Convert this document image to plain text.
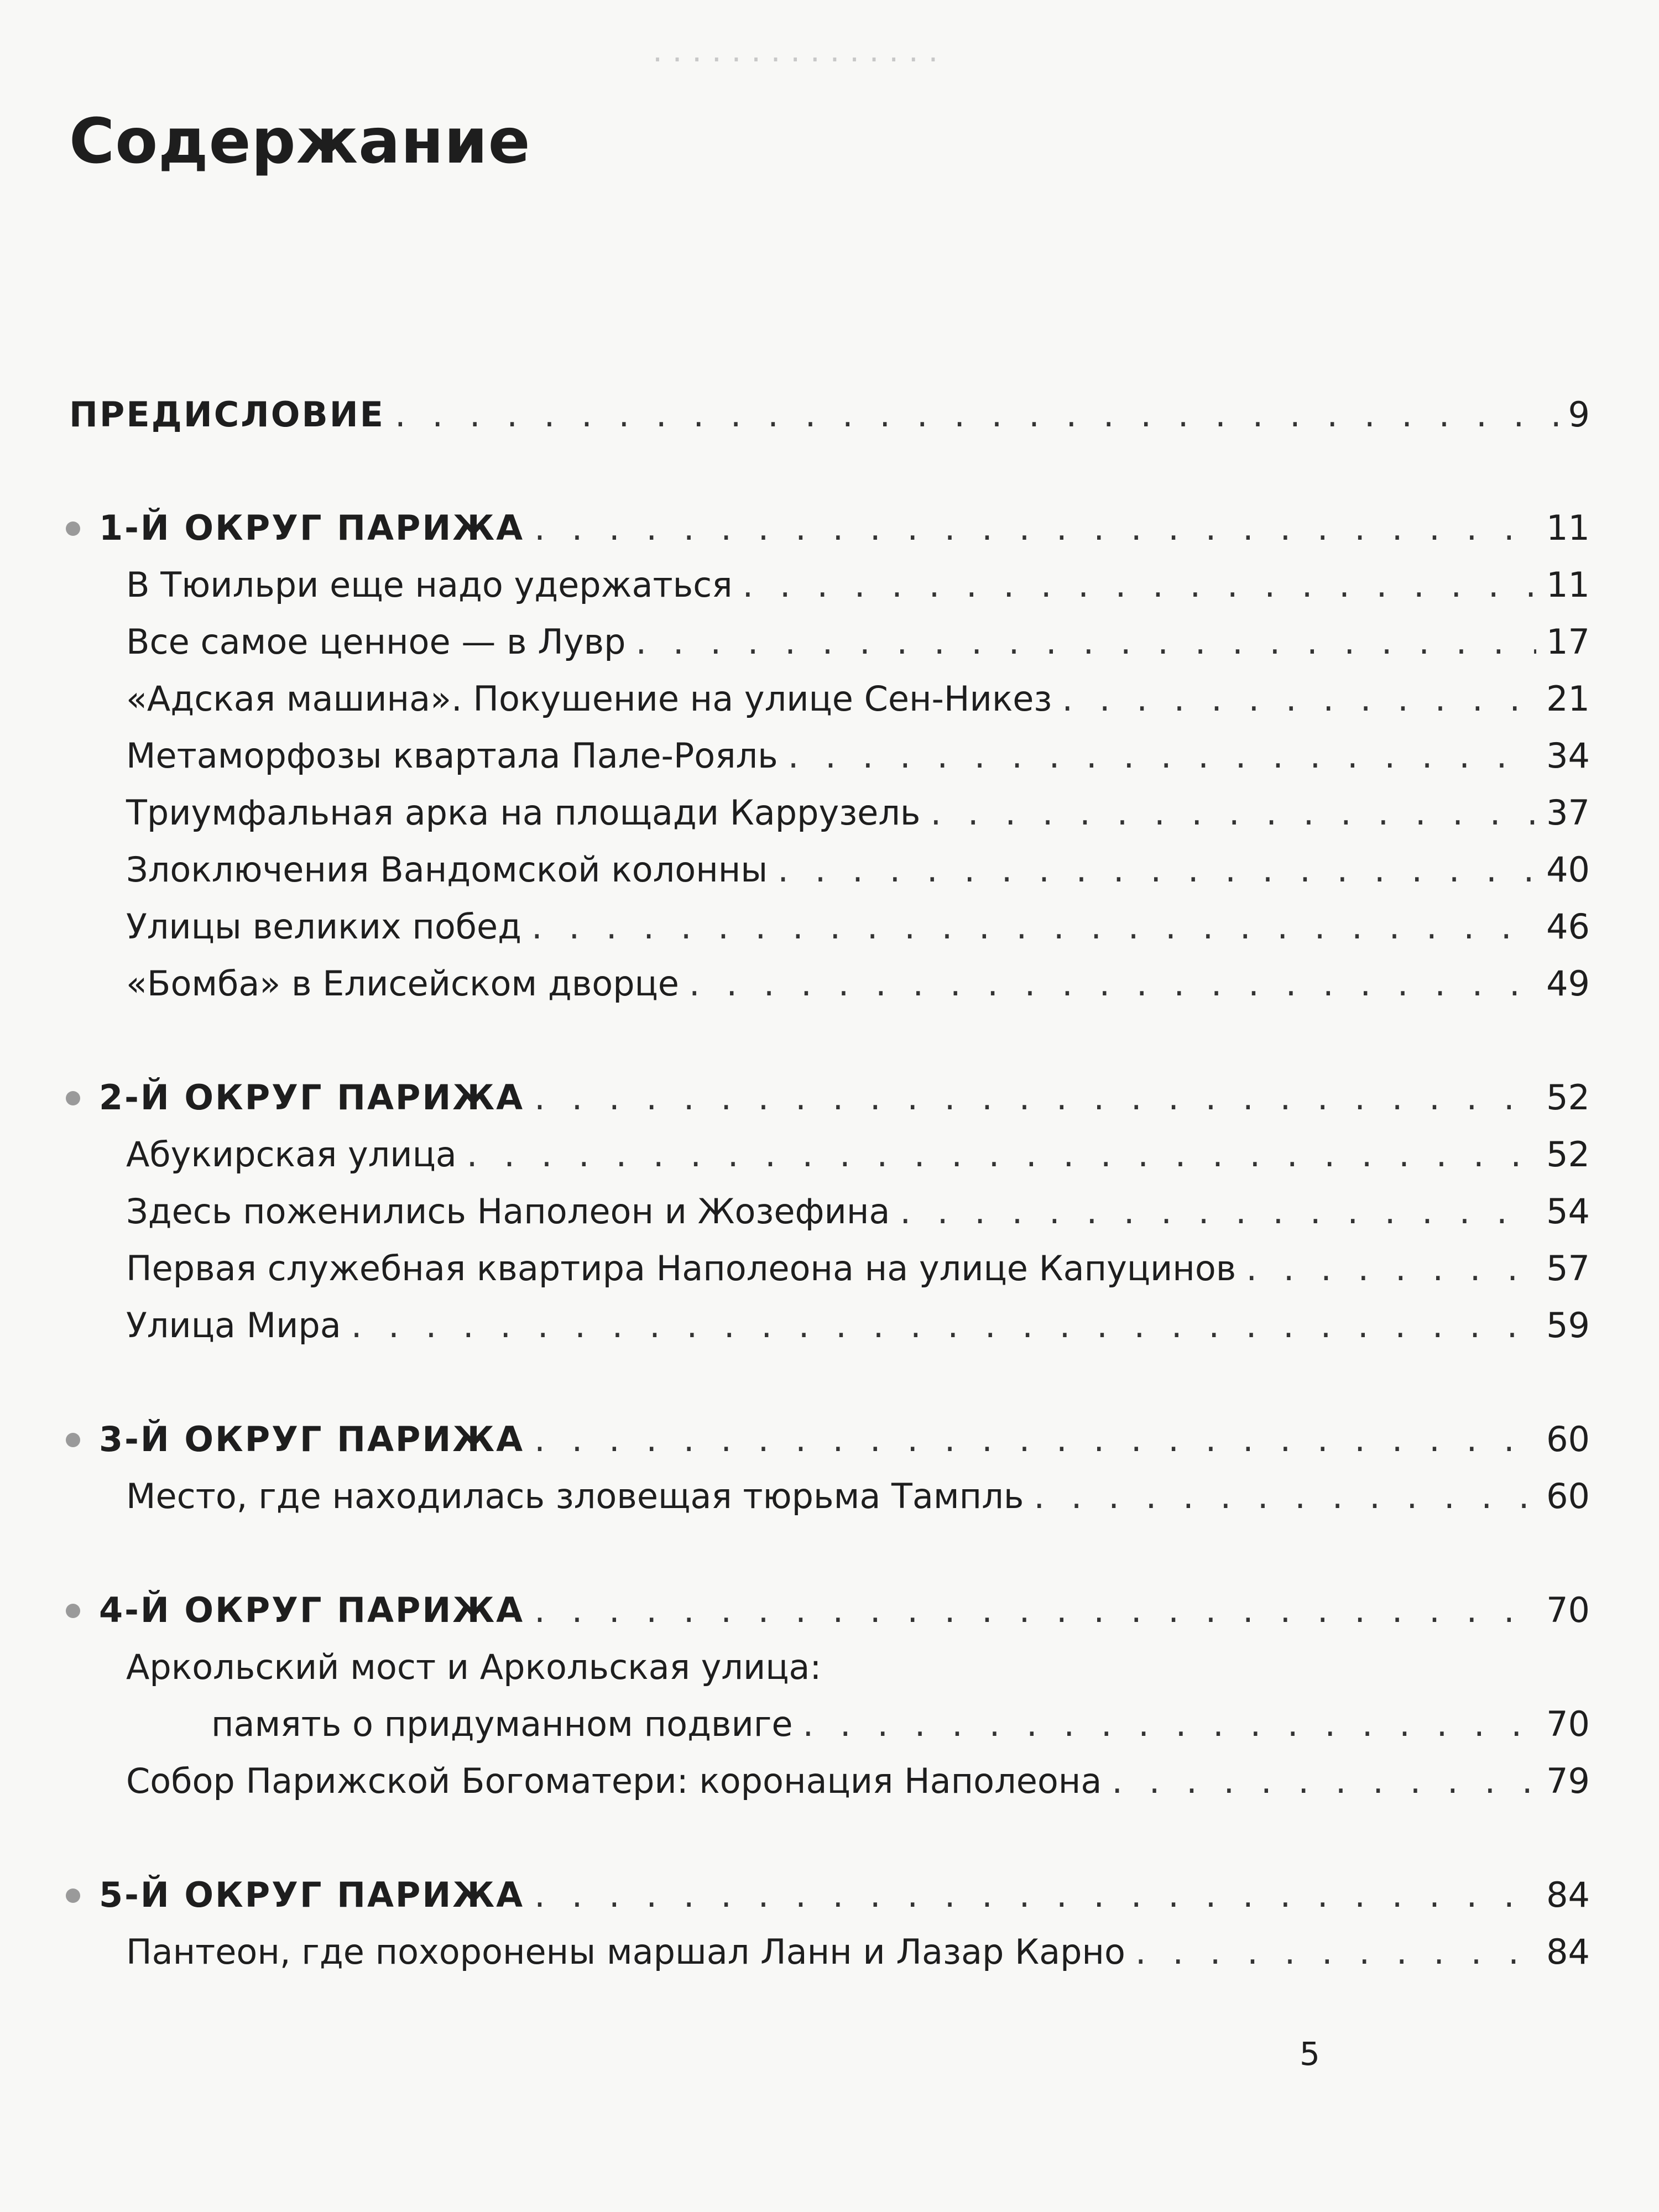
. . . . . . . . . . . . . . .
Содержание
ПРЕДИСЛОВИЕ . . .	9
1-Й ОКРУГ ПАРИЖА . . .	11
В Тюильри еще надо удержаться . . .	11
Все самое ценное — в Лувр . . .	17
«Адская машина». Покушение на улице Сен-Никез . . .	21
Метаморфозы квартала Пале-Рояль . . .	34
Триумфальная арка на площади Каррузель . . .	37
Злоключения Вандомской колонны . . .	40
Улицы великих побед . . .	46
«Бомба» в Елисейском дворце . . .	49
2-Й ОКРУГ ПАРИЖА . . .	52
Абукирская улица . . .	52
Здесь поженились Наполеон и Жозефина . . .	54
Первая служебная квартира Наполеона на улице Капуцинов . . .	57
Улица Мира . . .	59
3-Й ОКРУГ ПАРИЖА . . .	60
Место, где находилась зловещая тюрьма Тампль . . .	60
4-Й ОКРУГ ПАРИЖА . . .	70
Аркольский мост и Аркольская улица:
память о придуманном подвиге . . .	70
Собор Парижской Богоматери: коронация Наполеона . . .	79
5-Й ОКРУГ ПАРИЖА . . .	84
Пантеон, где похоронены маршал Ланн и Лазар Карно . . .	84
5
